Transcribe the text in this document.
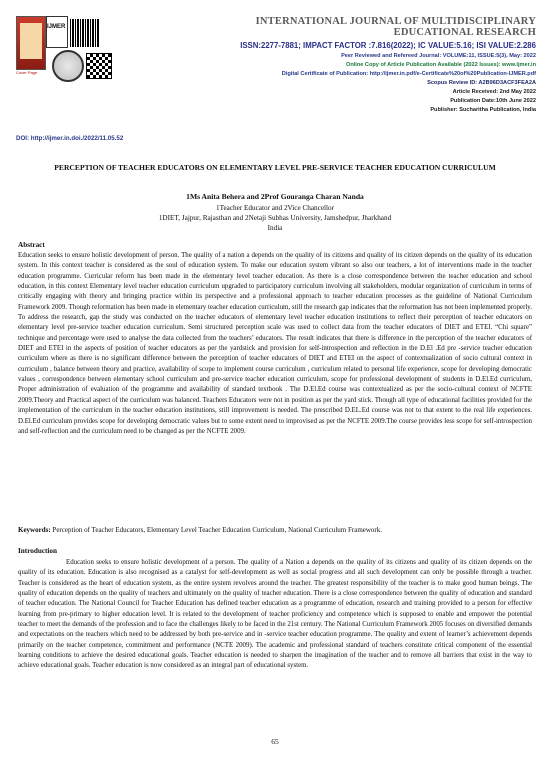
Cover Page
IJMER
DOI: http://ijmer.in.doi./2022/11.05.52
INTERNATIONAL JOURNAL OF MULTIDISCIPLINARY EDUCATIONAL RESEARCH
ISSN:2277-7881; IMPACT FACTOR :7.816(2022); IC VALUE:5.16; ISI VALUE:2.286
Peer Reviewed and Refereed Journal: VOLUME:11, ISSUE:5(3), May: 2022
Online Copy of Article Publication Available (2022 Issues): www.ijmer.in
Digital Certificate of Publication: http://ijmer.in.pdf/e-Certificate%20of%20Publication-IJMER.pdf
Scopus Review ID: A2B96D3ACF3FEA2A
Article Received: 2nd May 2022
Publication Date:10th June 2022
Publisher: Sucharitha Publication, India
PERCEPTION OF TEACHER EDUCATORS ON ELEMENTARY LEVEL PRE-SERVICE TEACHER EDUCATION CURRICULUM
1Ms Anita Behera and 2Prof Gouranga Charan Nanda
1Teacher Educator and 2Vice Chancellor
1DIET, Jajpur, Rajasthan and 2Netaji Subhas University, Jamshedpur, Jharkhand
India
Abstract
Education seeks to ensure holistic development of person. The quality of a nation a depends on the quality of its citizens and quality of its citizen depends on the quality of its education system. In this context teacher is considered as the soul of education system. To make our education system vibrant so also our teachers, a lot of interventions made in the teacher education programme. Curricular reform has been made in the elementary level teacher education. As there is a close correspondence between the teacher education and school education, in this context Elementary level teacher education curriculum upgraded to participatory curriculum involving all stakeholders, modular organization of curriculum in terms of critically engaging with theory and bringing practice within its perspective and a professional approach to teacher education processes as the guideline of National Curriculum Framework 2009. Though reformation has been made in elementary teacher education curriculum, still the research gap indicates that the reformation has not been implemented properly. To address the research, gap the study was conducted on the teacher educators of elementary level teacher education institutions to reflect their perception of teacher educators on elementary level pre-service teacher education curriculum. Semi structured perception scale was used to collect data from the teacher educators of DIET and ETEI. “Chi square” technique and percentage were used to analyse the data collected from the teachers’ educators. The result indicates that there is difference in the perception of the teacher educators of DIET and ETEI in the aspects of position of teacher educators as per the yardstick and provision for self-introspection and reflection in the D.El .Ed pre -service teacher education curriculum where as there is no significant difference between the perception of teacher educators of DIET and ETEI on the aspect of contextualization of socio cultural context in curriculum , balance between theory and practice, availability of scope to implement course curriculum , curriculum related to personal life experience, scope for developing democratic values , correspondence between elementary school curriculum and pre-service teacher education curriculum, scope for professional development of students in D.El.Ed curriculum, Proper administration of evaluation of the programme and availability of standard textbook . The D.El.Ed course was contextualized as per the socio-cultural context of NCFTE 2009.Theory and Practical aspect of the curriculum was balanced. Teachers Educators were not in position as per the yard stick. Though all type of educational facilities provided for the implementation of the curriculum in the teacher education institutions, still improvement is needed. The prescribed D.EL.Ed course was not to that extent to the real life experiences. D.El.Ed curriculum provides scope for developing democratic values but to some extent need to improvised as per the NCFTE 2009.The course provides less scope for self-introspection and self-reflection and the curriculum need to be changed as per the NCFTE 2009.
Keywords: Perception of Teacher Educators, Elementary Level Teacher Education Curriculum, National Curriculum Framework.
Introduction
Education seeks to ensure holistic development of a person. The quality of a Nation a depends on the quality of its citizens and quality of its citizen depends on the quality of its education. Education is also recognised as a catalyst for self-development as well as social progress and all such development can only be possible through a teacher. Teacher is considered as the heart of education system, as the entire system revolves around the teacher. The greatest responsibility of the teacher is to make good human beings. The quality of education depends on the quality of teachers and ultimately on the quality of teacher education. There is a close correspondence between the quality of education and standard of teacher education. The National Council for Teacher Education has defined teacher education as a programme of education, research and training provided to a person for effective learning from pre-primary to higher education level. It is related to the development of teacher proficiency and competence which is supposed to enable and empower the potential teacher to meet the demands of the profession and to face the challenges likely to be faced in the 21st century. The National Curriculum Framework 2005 focuses on diversified demands and expectations on the teachers which need to be addressed by both pre-service and in -service teacher education programme. The quality and extent of learner’s achievement depends primarily on the teacher competence, commitment and performance (NCTE 2009). The academic and professional standard of teachers constitute critical component of the essential learning conditions to achieve the desired educational goals. Teacher education is needed to sharpen the imagination of the teacher and to remove all barriers that exist in the way to achieve educational goals. Teacher education is now considered as an integral part of educational system.
65
